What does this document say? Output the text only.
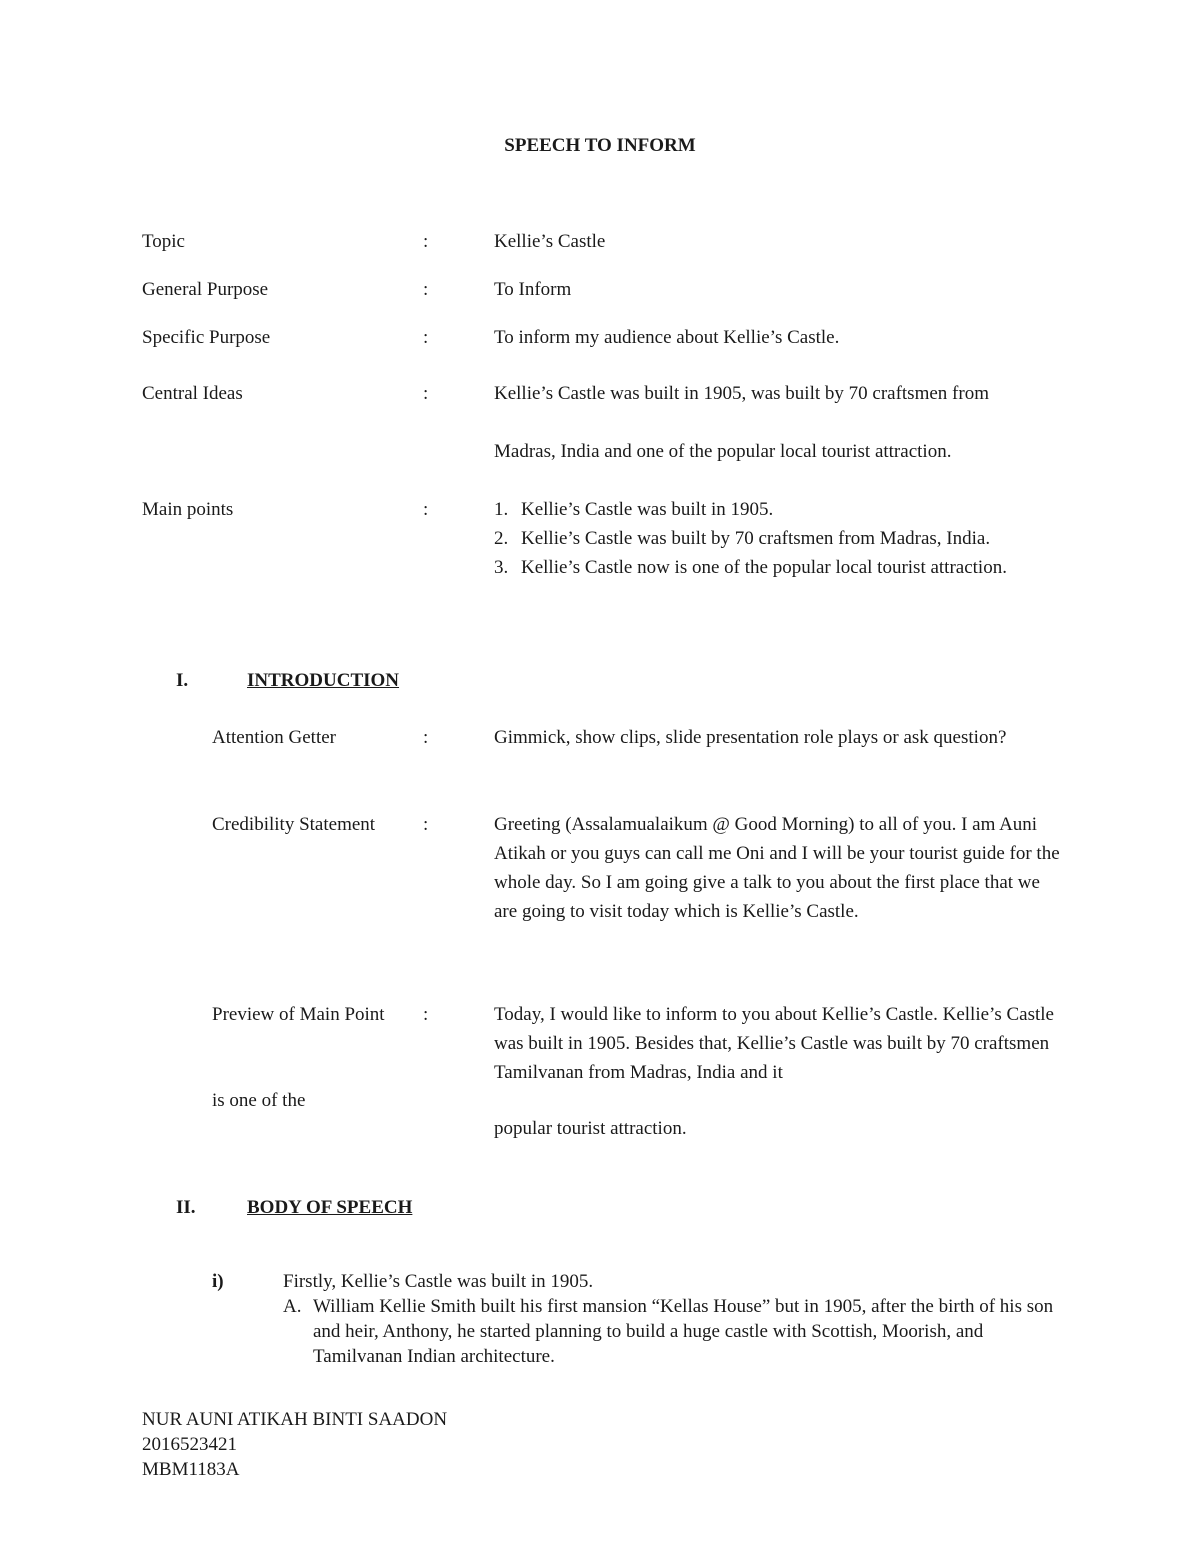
SPEECH TO INFORM
Topic	:	Kellie’s Castle
General Purpose	:	To Inform
Specific Purpose	:	To inform my audience about Kellie’s Castle.
Central Ideas	:	Kellie’s Castle was built in 1905, was built by 70 craftsmen from
Madras, India and one of the popular local tourist attraction.
Main points	:	1. Kellie’s Castle was built in 1905.
2. Kellie’s Castle was built by 70 craftsmen from Madras, India.
3. Kellie’s Castle now is one of the popular local tourist attraction.
I.	INTRODUCTION
Attention Getter	:	Gimmick, show clips, slide presentation role plays or ask question?
Credibility Statement	:	Greeting (Assalamualaikum @ Good Morning) to all of you. I am Auni Atikah or you guys can call me Oni and I will be your tourist guide for the whole day. So I am going give a talk to you about the first place that we are going to visit today which is Kellie’s Castle.
Preview of Main Point :	Today, I would like to inform to you about Kellie’s Castle. Kellie’s Castle was built in 1905. Besides that, Kellie’s Castle was built by 70 craftsmen Tamilvanan from Madras, India and it
is one of the
popular tourist attraction.
II.	BODY OF SPEECH
i)	Firstly, Kellie’s Castle was built in 1905.
A. William Kellie Smith built his first mansion “Kellas House” but in 1905, after the birth of his son and heir, Anthony, he started planning to build a huge castle with Scottish, Moorish, and Tamilvanan Indian architecture.
NUR AUNI ATIKAH BINTI SAADON
2016523421
MBM1183A
